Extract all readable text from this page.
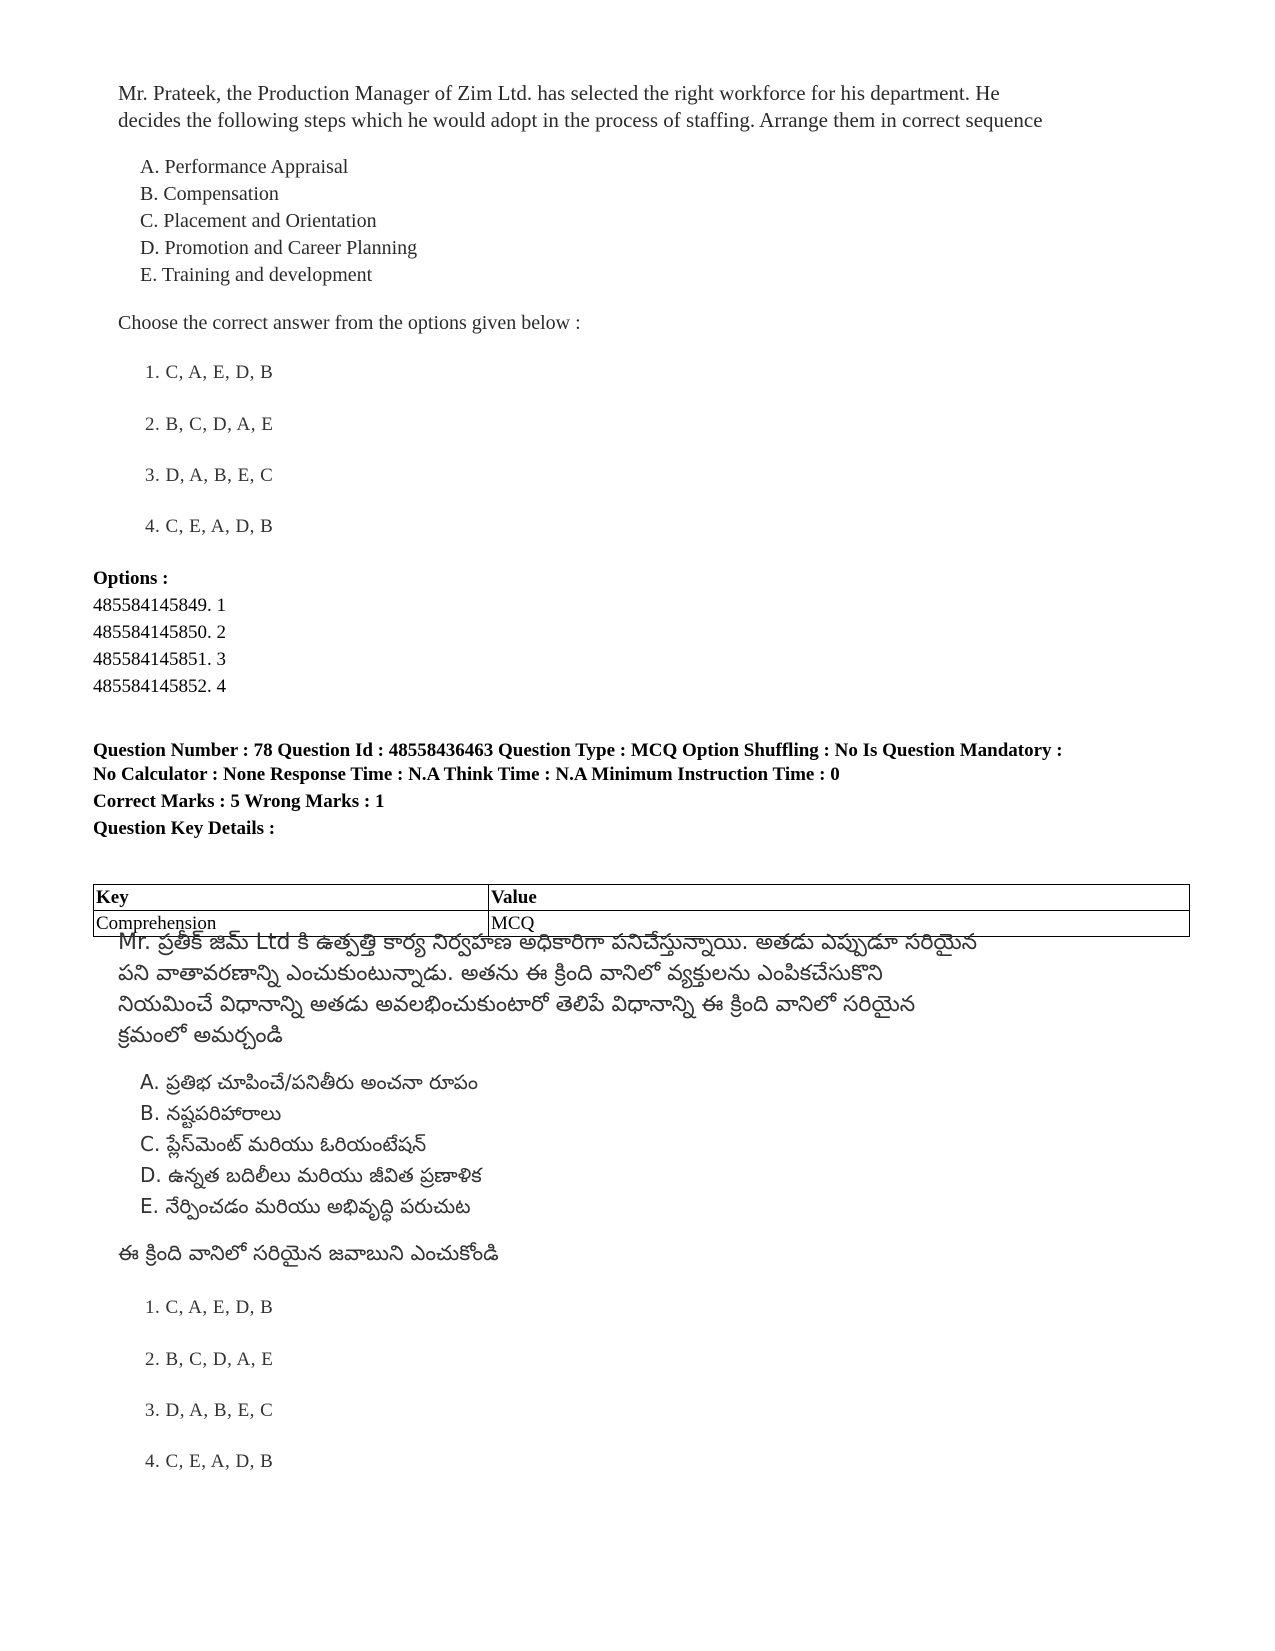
Mr. Prateek, the Production Manager of Zim Ltd. has selected the right workforce for his department. He
decides the following steps which he would adopt in the process of staffing. Arrange them in correct sequence
A. Performance Appraisal
B. Compensation
C. Placement and Orientation
D. Promotion and Career Planning
E. Training and development
Choose the correct answer from the options given below :
1. C, A, E, D, B
2. B, C, D, A, E
3. D, A, B, E, C
4. C, E, A, D, B
Options :
485584145849. 1
485584145850. 2
485584145851. 3
485584145852. 4
Question Number : 78 Question Id : 48558436463 Question Type : MCQ Option Shuffling : No Is Question Mandatory :
No Calculator : None Response Time : N.A Think Time : N.A Minimum Instruction Time : 0
Correct Marks : 5 Wrong Marks : 1
Question Key Details :
Key	Value
Comprehension	MCQ
Mr. ప్రతీక్ జిమ్ Ltd కి ఉత్పత్తి కార్య నిర్వహణ అధికారిగా పనిచేస్తున్నాయి. అతడు ఎప్పుడూ సరియైన
పని వాతావరణాన్ని ఎంచుకుంటున్నాడు. అతను ఈ క్రింది వానిలో వ్యక్తులను ఎంపికచేసుకొని
నియమించే విధానాన్ని అతడు అవలభించుకుంటారో తెలిపే విధానాన్ని ఈ క్రింది వానిలో సరియైన
క్రమంలో అమర్చండి
A. ప్రతిభ చూపించే/పనితీరు అంచనా రూపం
B. నష్టపరిహారాలు
C. ప్లేస్‌మెంట్ మరియు ఓరియంటేషన్
D. ఉన్నత బదిలీలు మరియు జీవిత ప్రణాళిక
E. నేర్పించడం మరియు అభివృద్ధి పరుచుట
ఈ క్రింది వానిలో సరియైన జవాబుని ఎంచుకోండి
1. C, A, E, D, B
2. B, C, D, A, E
3. D, A, B, E, C
4. C, E, A, D, B
